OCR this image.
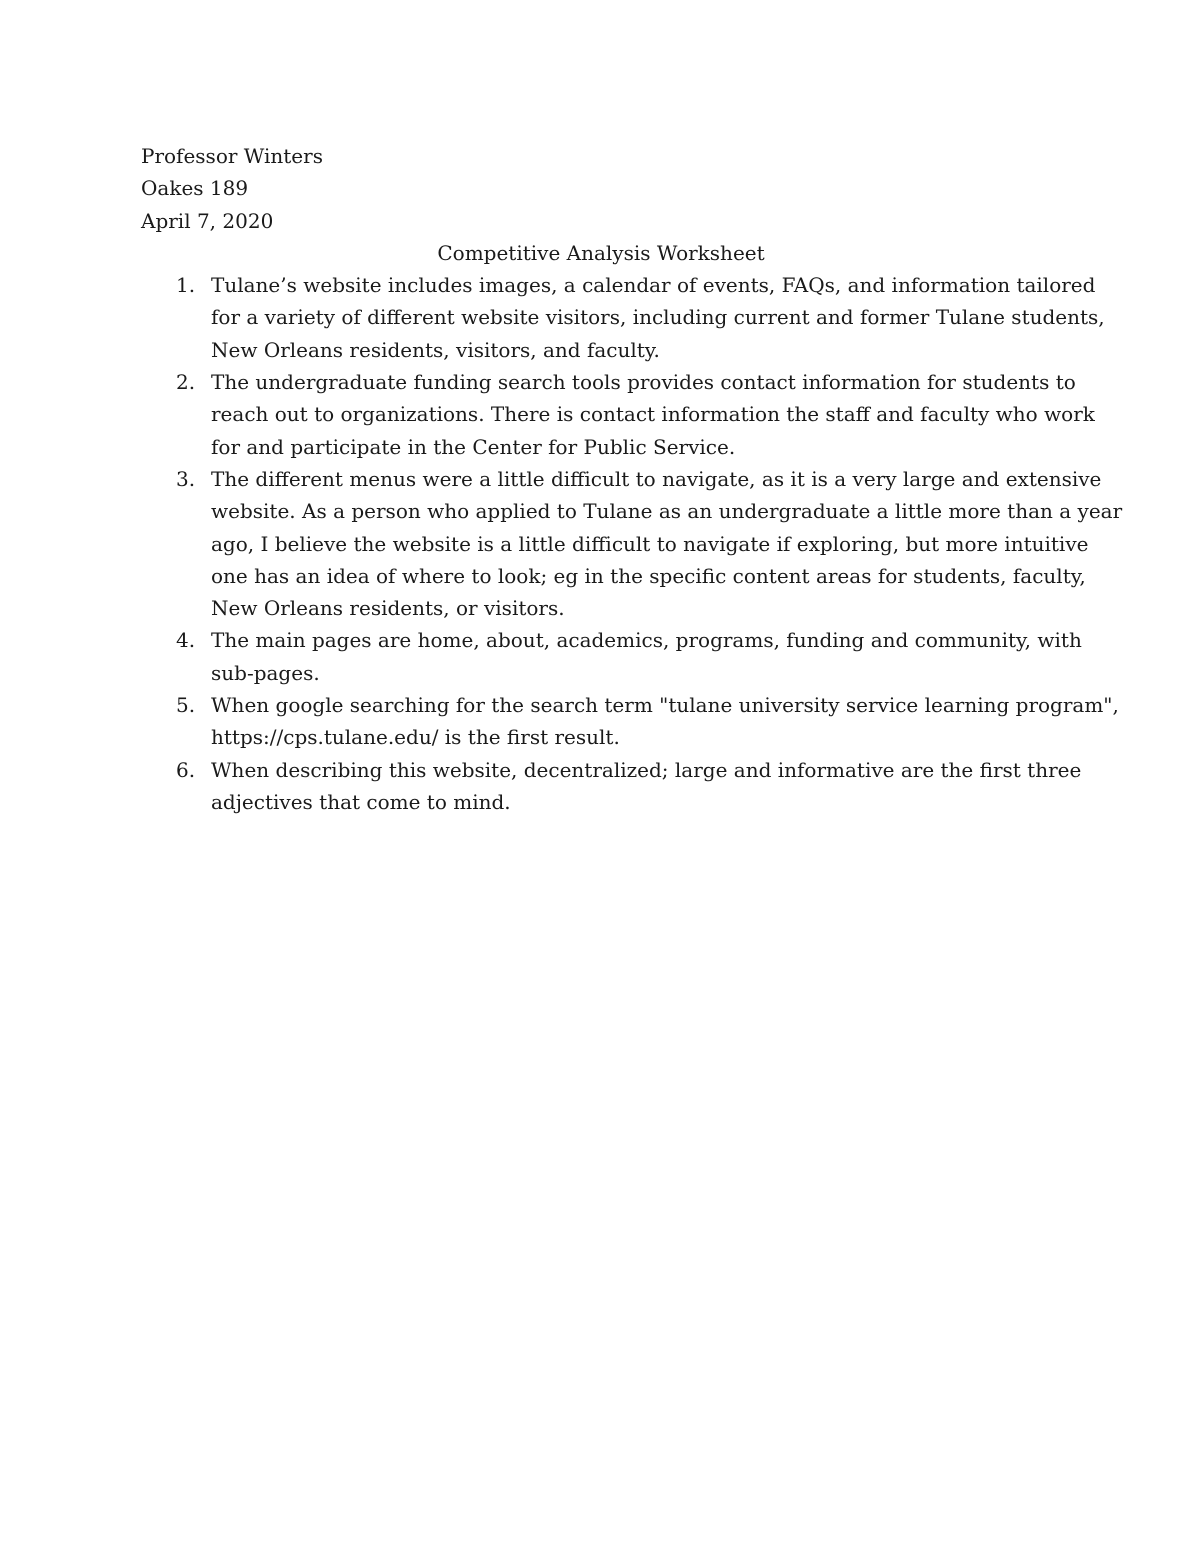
Professor Winters
Oakes 189
April 7, 2020
Competitive Analysis Worksheet
1. Tulane’s website includes images, a calendar of events, FAQs, and information tailored
for a variety of different website visitors, including current and former Tulane students,
New Orleans residents, visitors, and faculty.
2. The undergraduate funding search tools provides contact information for students to
reach out to organizations. There is contact information the staff and faculty who work
for and participate in the Center for Public Service.
3. The different menus were a little difficult to navigate, as it is a very large and extensive
website. As a person who applied to Tulane as an undergraduate a little more than a year
ago, I believe the website is a little difficult to navigate if exploring, but more intuitive
one has an idea of where to look; eg in the specific content areas for students, faculty,
New Orleans residents, or visitors.
4. The main pages are home, about, academics, programs, funding and community, with
sub-pages.
5. When google searching for the search term "tulane university service learning program",
https://cps.tulane.edu/ is the first result.
6. When describing this website, decentralized; large and informative are the first three
adjectives that come to mind.
